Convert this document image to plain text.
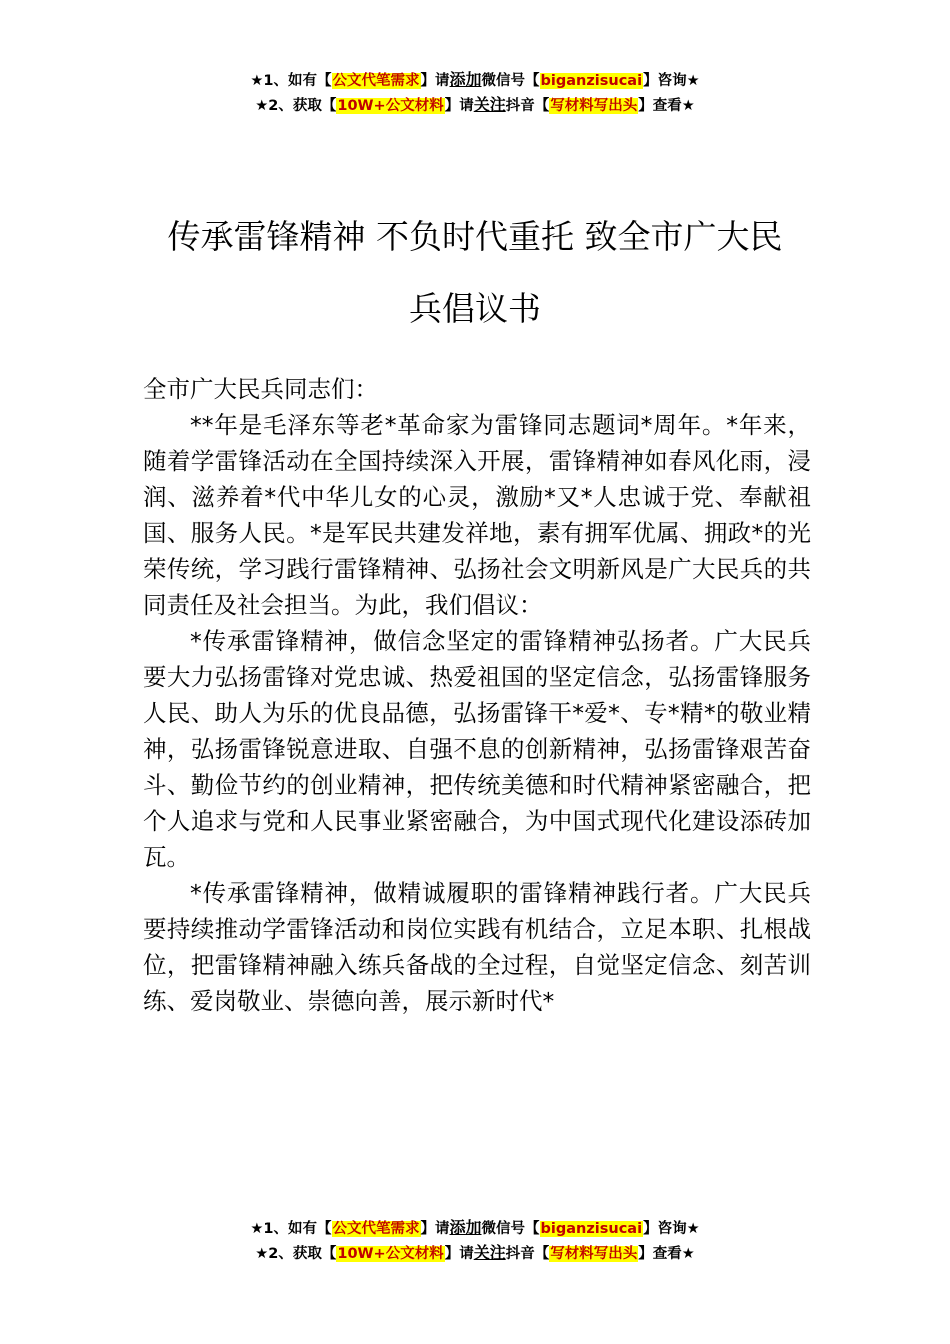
★1、如有【公文代笔需求】请添加微信号【biganzisucai】咨询★
★2、获取【10W+公文材料】请关注抖音【写材料写出头】查看★
传承雷锋精神 不负时代重托 致全市广大民
兵倡议书

全市广大民兵同志们：

**年是毛泽东等老*革命家为雷锋同志题词*周年。*年来，随着学雷锋活动在全国持续深入开展，雷锋精神如春风化雨，浸润、滋养着*代中华儿女的心灵，激励*又*人忠诚于党、奉献祖国、服务人民。*是军民共建发祥地，素有拥军优属、拥政*的光荣传统，学习践行雷锋精神、弘扬社会文明新风是广大民兵的共同责任及社会担当。为此，我们倡议：

*传承雷锋精神，做信念坚定的雷锋精神弘扬者。广大民兵要大力弘扬雷锋对党忠诚、热爱祖国的坚定信念，弘扬雷锋服务人民、助人为乐的优良品德，弘扬雷锋干*爱*、专*精*的敬业精神，弘扬雷锋锐意进取、自强不息的创新精神，弘扬雷锋艰苦奋斗、勤俭节约的创业精神，把传统美德和时代精神紧密融合，把个人追求与党和人民事业紧密融合，为中国式现代化建设添砖加瓦。

*传承雷锋精神，做精诚履职的雷锋精神践行者。广大民兵要持续推动学雷锋活动和岗位实践有机结合，立足本职、扎根战位，把雷锋精神融入练兵备战的全过程，自觉坚定信念、刻苦训练、爱岗敬业、崇德向善，展示新时代*

★1、如有【公文代笔需求】请添加微信号【biganzisucai】咨询★
★2、获取【10W+公文材料】请关注抖音【写材料写出头】查看★
